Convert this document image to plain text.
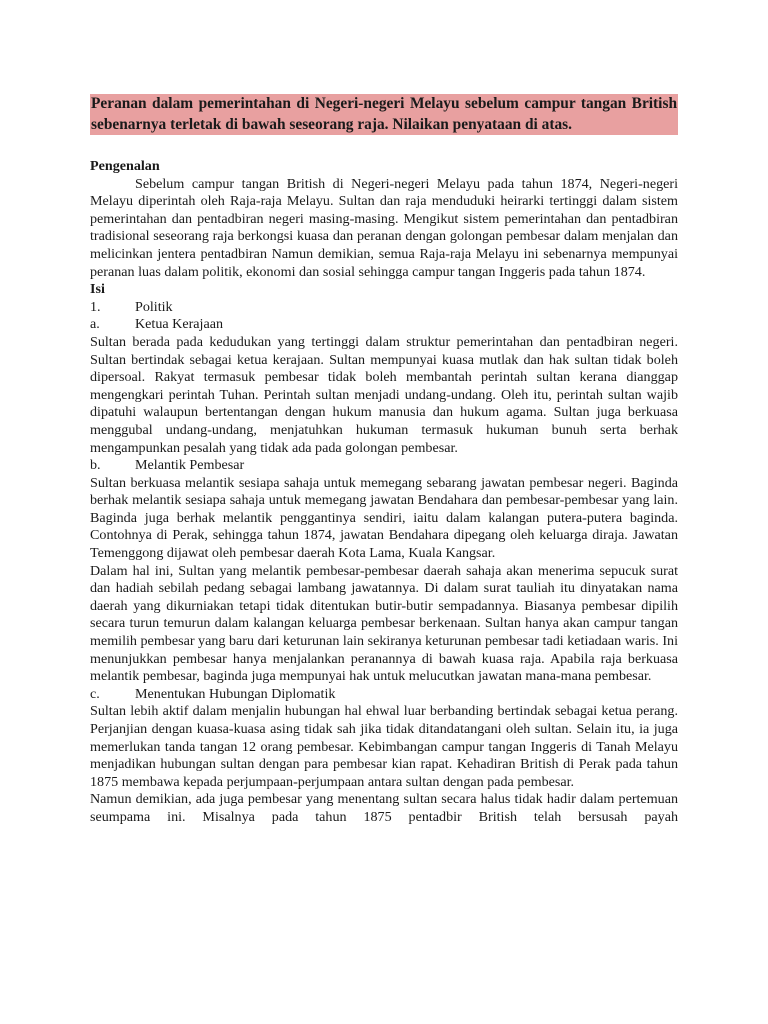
Peranan dalam pemerintahan di Negeri-negeri Melayu sebelum campur tangan British sebenarnya terletak di bawah seseorang raja. Nilaikan penyataan di atas.

Pengenalan

Sebelum campur tangan British di Negeri-negeri Melayu pada tahun 1874, Negeri-negeri Melayu diperintah oleh Raja-raja Melayu. Sultan dan raja menduduki heirarki tertinggi dalam sistem pemerintahan dan pentadbiran negeri masing-masing. Mengikut sistem pemerintahan dan pentadbiran tradisional seseorang raja berkongsi kuasa dan peranan dengan golongan pembesar dalam menjalan dan melicinkan jentera pentadbiran Namun demikian, semua Raja-raja Melayu ini sebenarnya mempunyai peranan luas dalam politik, ekonomi dan sosial sehingga campur tangan Inggeris pada tahun 1874.

Isi

1.	Politik
a.	Ketua Kerajaan

Sultan berada pada kedudukan yang tertinggi dalam struktur pemerintahan dan pentadbiran negeri. Sultan bertindak sebagai ketua kerajaan. Sultan mempunyai kuasa mutlak dan hak sultan tidak boleh dipersoal. Rakyat termasuk pembesar tidak boleh membantah perintah sultan kerana dianggap mengengkari perintah Tuhan. Perintah sultan menjadi undang-undang. Oleh itu, perintah sultan wajib dipatuhi walaupun bertentangan dengan hukum manusia dan hukum agama. Sultan juga berkuasa menggubal undang-undang, menjatuhkan hukuman termasuk hukuman bunuh serta berhak mengampunkan pesalah yang tidak ada pada golongan pembesar.

b.	Melantik Pembesar

Sultan berkuasa melantik sesiapa sahaja untuk memegang sebarang jawatan pembesar negeri. Baginda berhak melantik sesiapa sahaja untuk memegang jawatan Bendahara dan pembesar-pembesar yang lain. Baginda juga berhak melantik penggantinya sendiri, iaitu dalam kalangan putera-putera baginda. Contohnya di Perak, sehingga tahun 1874, jawatan Bendahara dipegang oleh keluarga diraja. Jawatan Temenggong dijawat oleh pembesar daerah Kota Lama, Kuala Kangsar.

Dalam hal ini, Sultan yang melantik pembesar-pembesar daerah sahaja akan menerima sepucuk surat dan hadiah sebilah pedang sebagai lambang jawatannya. Di dalam surat tauliah itu dinyatakan nama daerah yang dikurniakan tetapi tidak ditentukan butir-butir sempadannya. Biasanya pembesar dipilih secara turun temurun dalam kalangan keluarga pembesar berkenaan. Sultan hanya akan campur tangan memilih pembesar yang baru dari keturunan lain sekiranya keturunan pembesar tadi ketiadaan waris. Ini menunjukkan pembesar hanya menjalankan peranannya di bawah kuasa raja. Apabila raja berkuasa melantik pembesar, baginda juga mempunyai hak untuk melucutkan jawatan mana-mana pembesar.

c.	Menentukan Hubungan Diplomatik

Sultan lebih aktif dalam menjalin hubungan hal ehwal luar berbanding bertindak sebagai ketua perang. Perjanjian dengan kuasa-kuasa asing tidak sah jika tidak ditandatangani oleh sultan. Selain itu, ia juga memerlukan tanda tangan 12 orang pembesar. Kebimbangan campur tangan Inggeris di Tanah Melayu menjadikan hubungan sultan dengan para pembesar kian rapat. Kehadiran British di Perak pada tahun 1875 membawa kepada perjumpaan-perjumpaan antara sultan dengan pada pembesar.

Namun demikian, ada juga pembesar yang menentang sultan secara halus tidak hadir dalam pertemuan seumpama ini. Misalnya pada tahun 1875 pentadbir British telah bersusah payah
